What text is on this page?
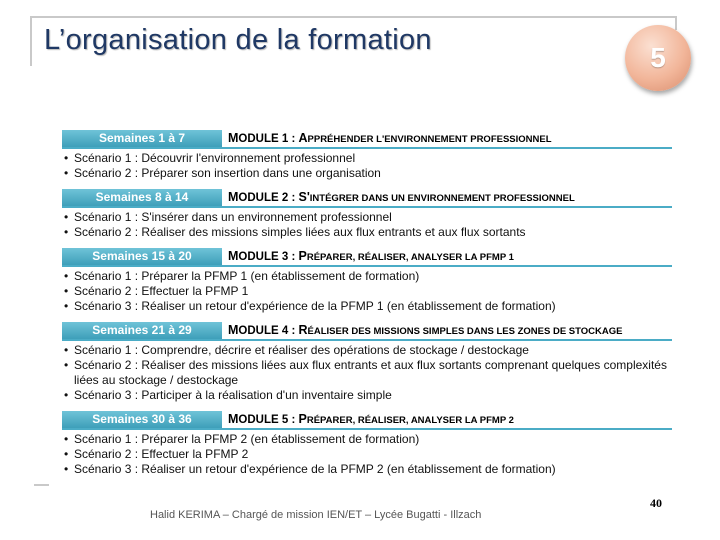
L’organisation de la formation
5
Semaines 1 à 7	MODULE 1 : APPRÉHENDER L'ENVIRONNEMENT PROFESSIONNEL
• Scénario 1 : Découvrir l'environnement professionnel
• Scénario 2 : Préparer son insertion dans une organisation
Semaines 8 à 14	MODULE 2 : S'INTÉGRER DANS UN ENVIRONNEMENT PROFESSIONNEL
• Scénario 1 : S'insérer dans un environnement professionnel
• Scénario 2 : Réaliser des missions simples liées aux flux entrants et aux flux sortants
Semaines 15 à 20	MODULE 3 : PRÉPARER, RÉALISER, ANALYSER LA PFMP 1
• Scénario 1 : Préparer la PFMP 1 (en établissement de formation)
• Scénario 2 : Effectuer la PFMP 1
• Scénario 3 : Réaliser un retour d'expérience de la PFMP 1 (en établissement de formation)
Semaines 21 à 29	MODULE 4 : RÉALISER DES MISSIONS SIMPLES DANS LES ZONES DE STOCKAGE
• Scénario 1 : Comprendre, décrire et réaliser des opérations de stockage / destockage
• Scénario 2 : Réaliser des missions liées aux flux entrants et aux flux sortants comprenant quelques complexités liées au stockage / destockage
• Scénario 3 : Participer à la réalisation d'un inventaire simple
Semaines 30 à 36	MODULE 5 : PRÉPARER, RÉALISER, ANALYSER LA PFMP 2
• Scénario 1 : Préparer la PFMP 2 (en établissement de formation)
• Scénario 2 : Effectuer la PFMP 2
• Scénario 3 : Réaliser un retour d'expérience de la PFMP 2 (en établissement de formation)
Halid KERIMA – Chargé de mission IEN/ET – Lycée Bugatti - Illzach
40
